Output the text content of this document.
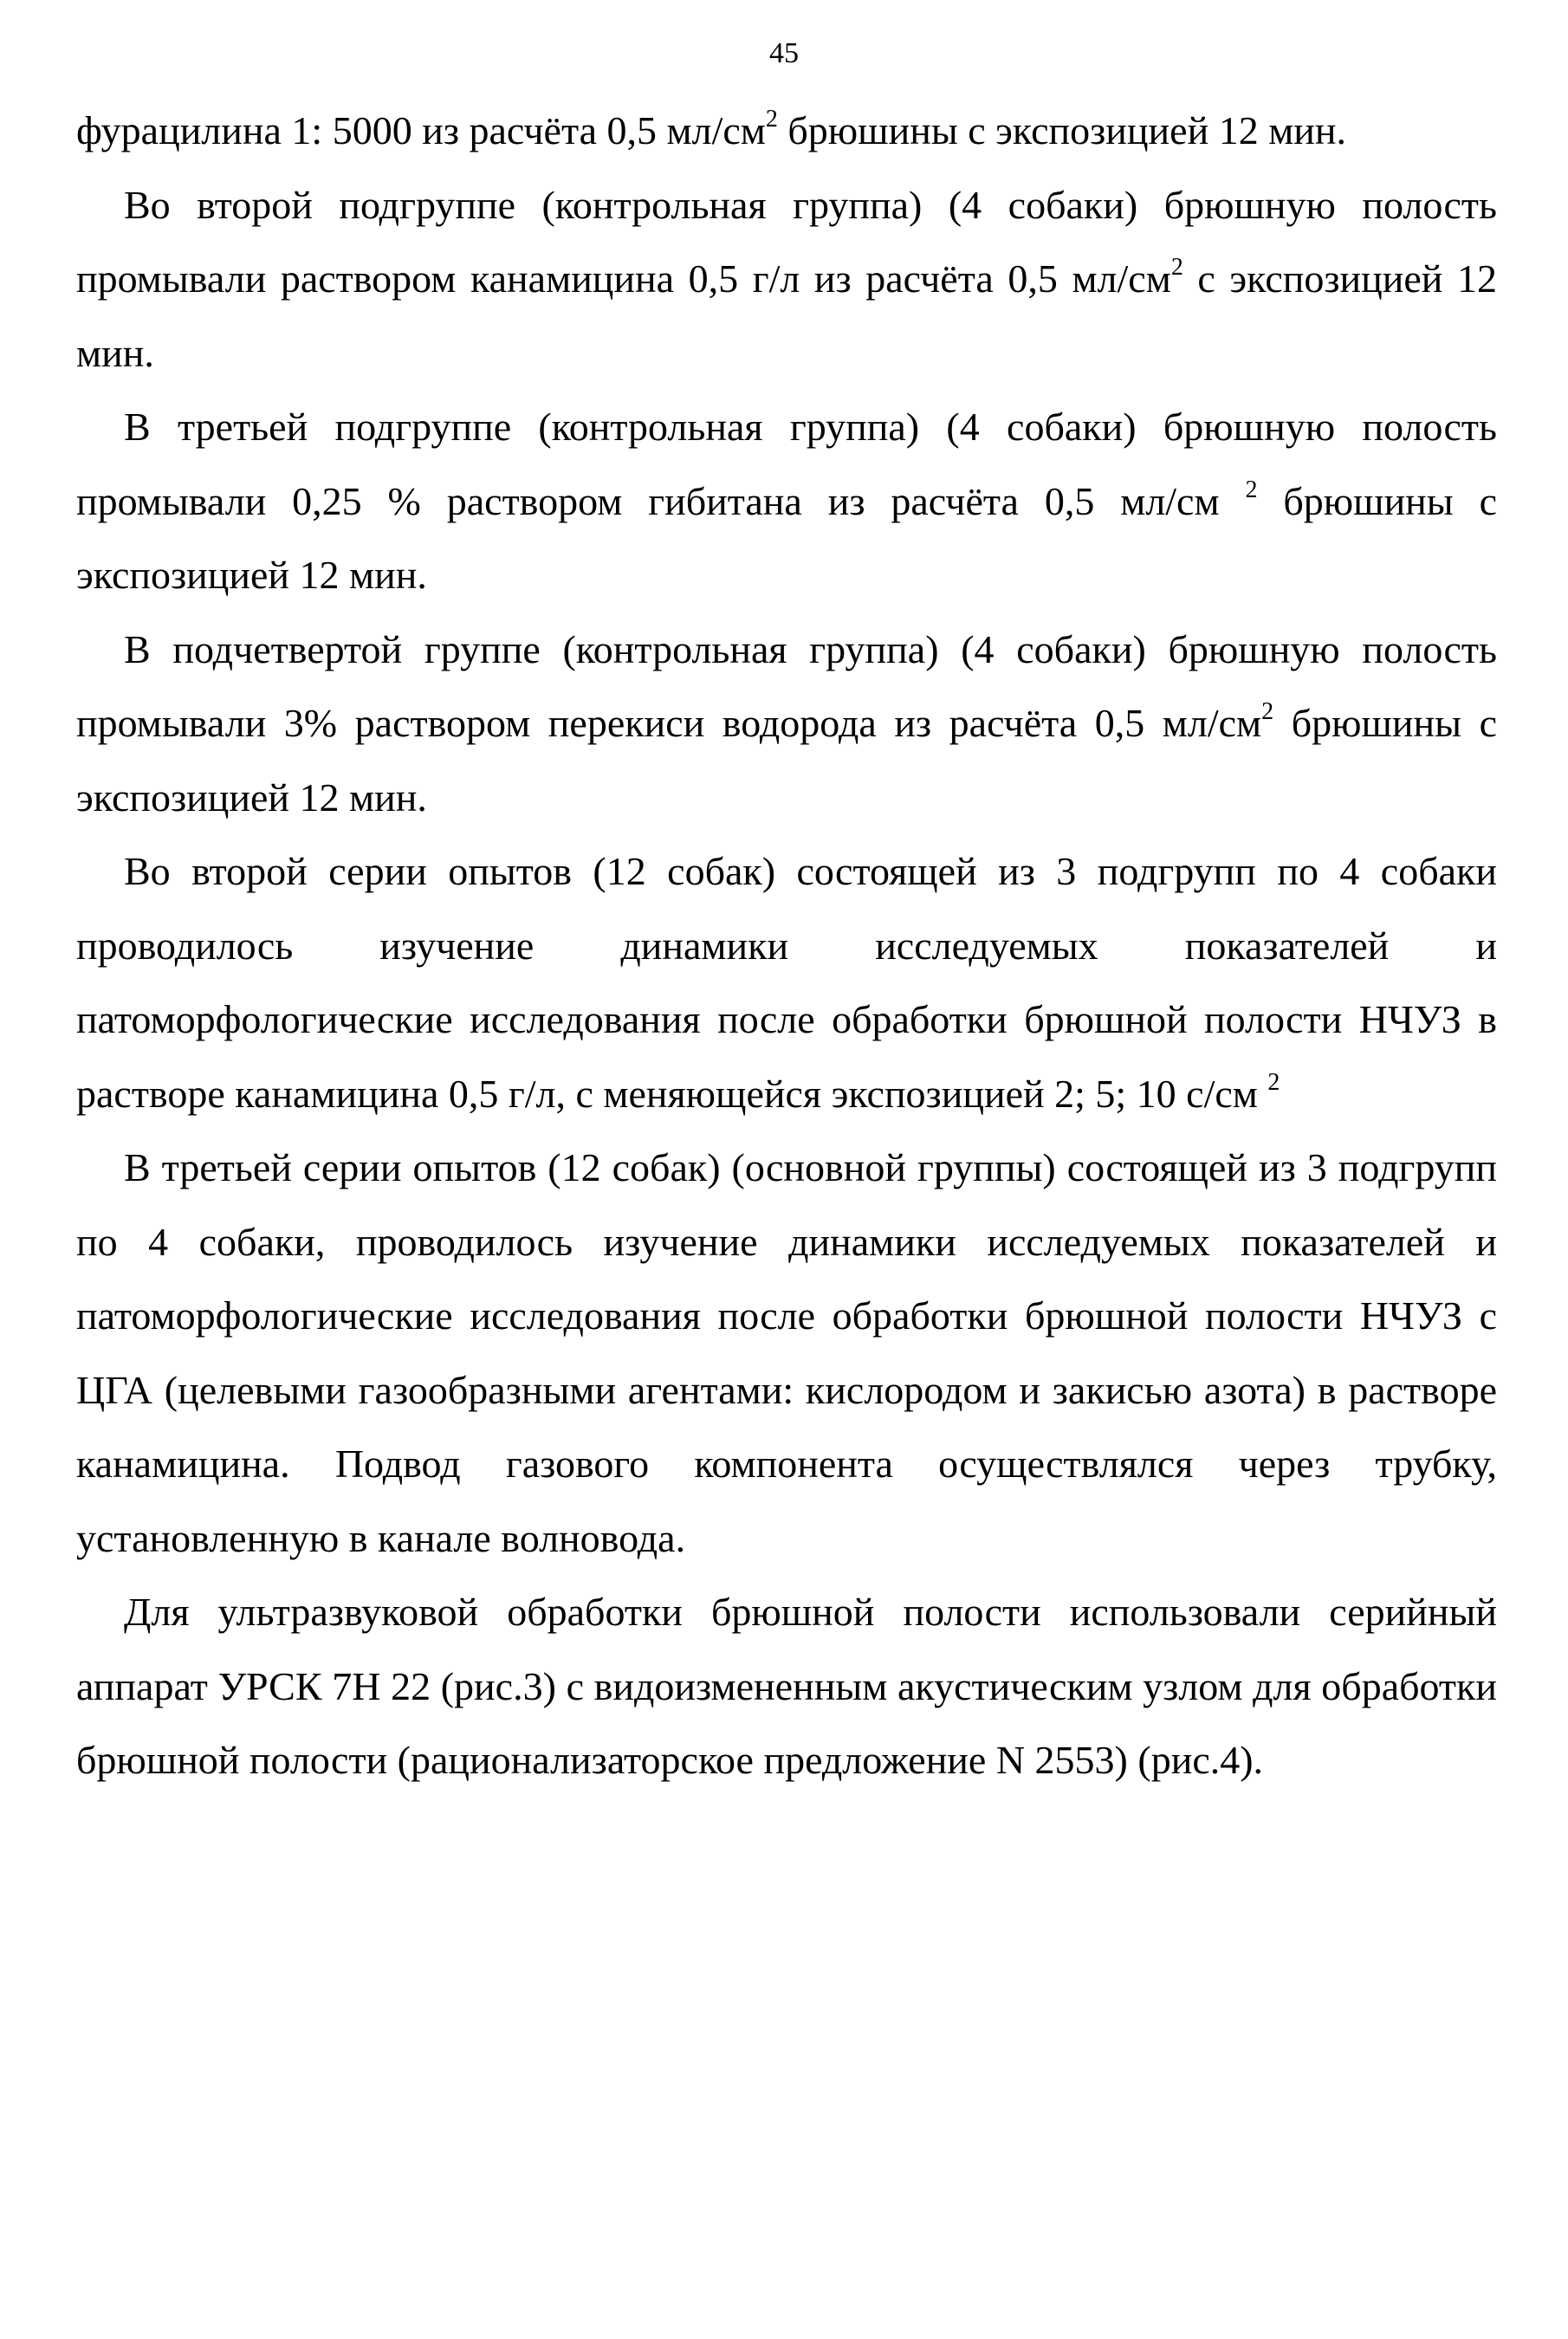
45

фурацилина 1: 5000 из расчёта 0,5 $мл/см^2$ брюшины с экспозицией 12 мин.

Во второй подгруппе (контрольная группа) (4 собаки) брюшную полость промывали раствором канамицина 0,5 г/л из расчёта 0,5 $мл/см^2$ с экспозицией 12 мин.

В третьей подгруппе (контрольная группа) (4 собаки) брюшную полость промывали 0,25 % раствором гибитана из расчёта 0,5 мл/см $^2$ брюшины с экспозицией 12 мин.

В подчетвертой группе (контрольная группа) (4 собаки) брюшную полость промывали 3% раствором перекиси водорода из расчёта 0,5 $мл/см^2$ брюшины с экспозицией 12 мин.

Во второй серии опытов (12 собак) состоящей из 3 подгрупп по 4 собаки проводилось изучение динамики исследуемых показателей и патоморфологические исследования после обработки брюшной полости НЧУЗ в растворе канамицина 0,5 г/л, с меняющейся экспозицией 2; 5; 10 с/см $^2$

В третьей серии опытов (12 собак) (основной группы) состоящей из 3 подгрупп по 4 собаки, проводилось изучение динамики исследуемых показателей и патоморфологические исследования после обработки брюшной полости НЧУЗ с ЦГА (целевыми газообразными агентами: кислородом и закисью азота) в растворе канамицина. Подвод газового компонента осуществлялся через трубку, установленную в канале волновода.

Для ультразвуковой обработки брюшной полости использовали серийный аппарат УРСК 7Н 22 (рис.3) с видоизмененным акустическим узлом для обработки брюшной полости (рационализаторское предложение N 2553) (рис.4).
